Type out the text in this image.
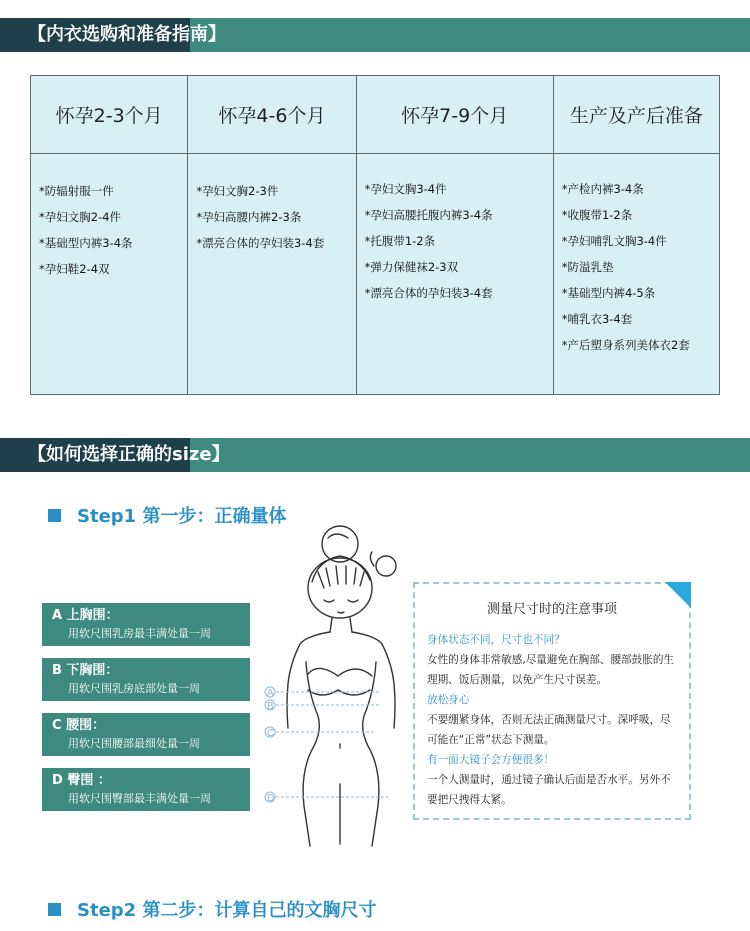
【内衣选购和准备指南】
怀孕2-3个月
*防辐射服一件
*孕妇文胸2-4件
*基础型内裤3-4条
*孕妇鞋2-4双
怀孕4-6个月
*孕妇文胸2-3件
*孕妇高腰内裤2-3条
*漂亮合体的孕妇装3-4套
怀孕7-9个月
*孕妇文胸3-4件
*孕妇高腰托腹内裤3-4条
*托腹带1-2条
*弹力保健袜2-3双
*漂亮合体的孕妇装3-4套
生产及产后准备
*产检内裤3-4条
*收腹带1-2条
*孕妇哺乳文胸3-4件
*防溢乳垫
*基础型内裤4-5条
*哺乳衣3-4套
*产后塑身系列美体衣2套
【如何选择正确的size】
Step1 第一步：正确量体
A 上胸围：
用软尺围乳房最丰满处量一周
B 下胸围：
用软尺围乳房底部处量一周
C 腰围：
用软尺围腰部最细处量一周
D 臀围 ：
用软尺围臀部最丰满处量一周
A
B
C
D
测量尺寸时的注意事项
身体状态不同，尺寸也不同？
女性的身体非常敏感,尽量避免在胸部、腰部鼓胀的生理期、饭后测量，以免产生尺寸误差。
放松身心
不要绷紧身体，否则无法正确测量尺寸。深呼吸，尽可能在“正常”状态下测量。
有一面大镜子会方便很多！
一个人测量时，通过镜子确认后面是否水平。另外不要把尺拽得太紧。
Step2 第二步：计算自己的文胸尺寸
